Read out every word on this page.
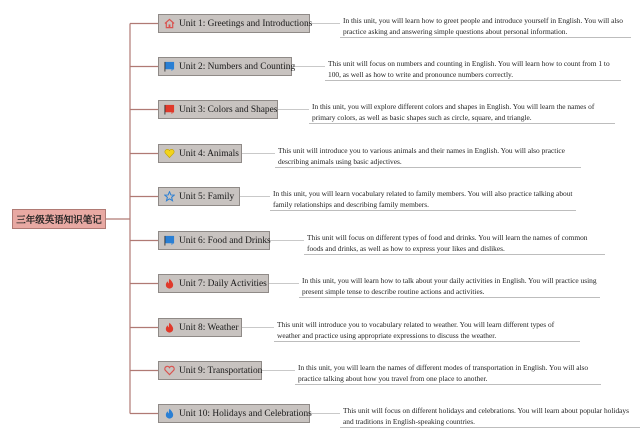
三年级英语知识笔记
Unit 1: Greetings and Introductions	In this unit, you will learn how to greet people and introduce yourself in English. You will also practice asking and answering simple questions about personal information.
Unit 2: Numbers and Counting	This unit will focus on numbers and counting in English. You will learn how to count from 1 to 100, as well as how to write and pronounce numbers correctly.
Unit 3: Colors and Shapes	In this unit, you will explore different colors and shapes in English. You will learn the names of primary colors, as well as basic shapes such as circle, square, and triangle.
Unit 4: Animals	This unit will introduce you to various animals and their names in English. You will also practice describing animals using basic adjectives.
Unit 5: Family	In this unit, you will learn vocabulary related to family members. You will also practice talking about family relationships and describing family members.
Unit 6: Food and Drinks	This unit will focus on different types of food and drinks. You will learn the names of common foods and drinks, as well as how to express your likes and dislikes.
Unit 7: Daily Activities	In this unit, you will learn how to talk about your daily activities in English. You will practice using present simple tense to describe routine actions and activities.
Unit 8: Weather	This unit will introduce you to vocabulary related to weather. You will learn different types of weather and practice using appropriate expressions to discuss the weather.
Unit 9: Transportation	In this unit, you will learn the names of different modes of transportation in English. You will also practice talking about how you travel from one place to another.
Unit 10: Holidays and Celebrations	This unit will focus on different holidays and celebrations. You will learn about popular holidays and traditions in English-speaking countries.
